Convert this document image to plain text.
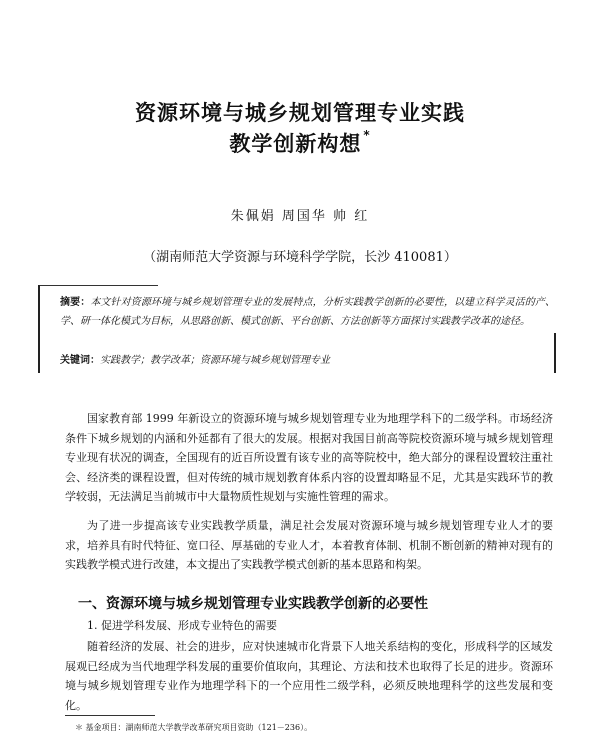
资源环境与城乡规划管理专业实践
教学创新构想 *
朱佩娟 周国华 帅 红
（湖南师范大学资源与环境科学学院，长沙 410081）
摘要：本文针对资源环境与城乡规划管理专业的发展特点，分析实践教学创新的必要性，以建立科学灵活的产、学、研一体化模式为目标，从思路创新、模式创新、平台创新、方法创新等方面探讨实践教学改革的途径。
关键词：实践教学；教学改革；资源环境与城乡规划管理专业
国家教育部 1999 年新设立的资源环境与城乡规划管理专业为地理学科下的二级学科。市场经济条件下城乡规划的内涵和外延都有了很大的发展。根据对我国目前高等院校资源环境与城乡规划管理专业现有状况的调查，全国现有的近百所设置有该专业的高等院校中，绝大部分的课程设置较注重社会、经济类的课程设置，但对传统的城市规划教育体系内容的设置却略显不足，尤其是实践环节的教学较弱，无法满足当前城市中大量物质性规划与实施性管理的需求。
为了进一步提高该专业实践教学质量，满足社会发展对资源环境与城乡规划管理专业人才的要求，培养具有时代特征、宽口径、厚基础的专业人才，本着教育体制、机制不断创新的精神对现有的实践教学模式进行改建，本文提出了实践教学模式创新的基本思路和构架。
一、资源环境与城乡规划管理专业实践教学创新的必要性
1. 促进学科发展、形成专业特色的需要
随着经济的发展、社会的进步，应对快速城市化背景下人地关系结构的变化，形成科学的区域发展观已经成为当代地理学科发展的重要价值取向，其理论、方法和技术也取得了长足的进步。资源环境与城乡规划管理专业作为地理学科下的一个应用性二级学科，必须反映地理科学的这些发展和变化。
＊ 基金项目：湖南师范大学教学改革研究项目资助（121－236）。
